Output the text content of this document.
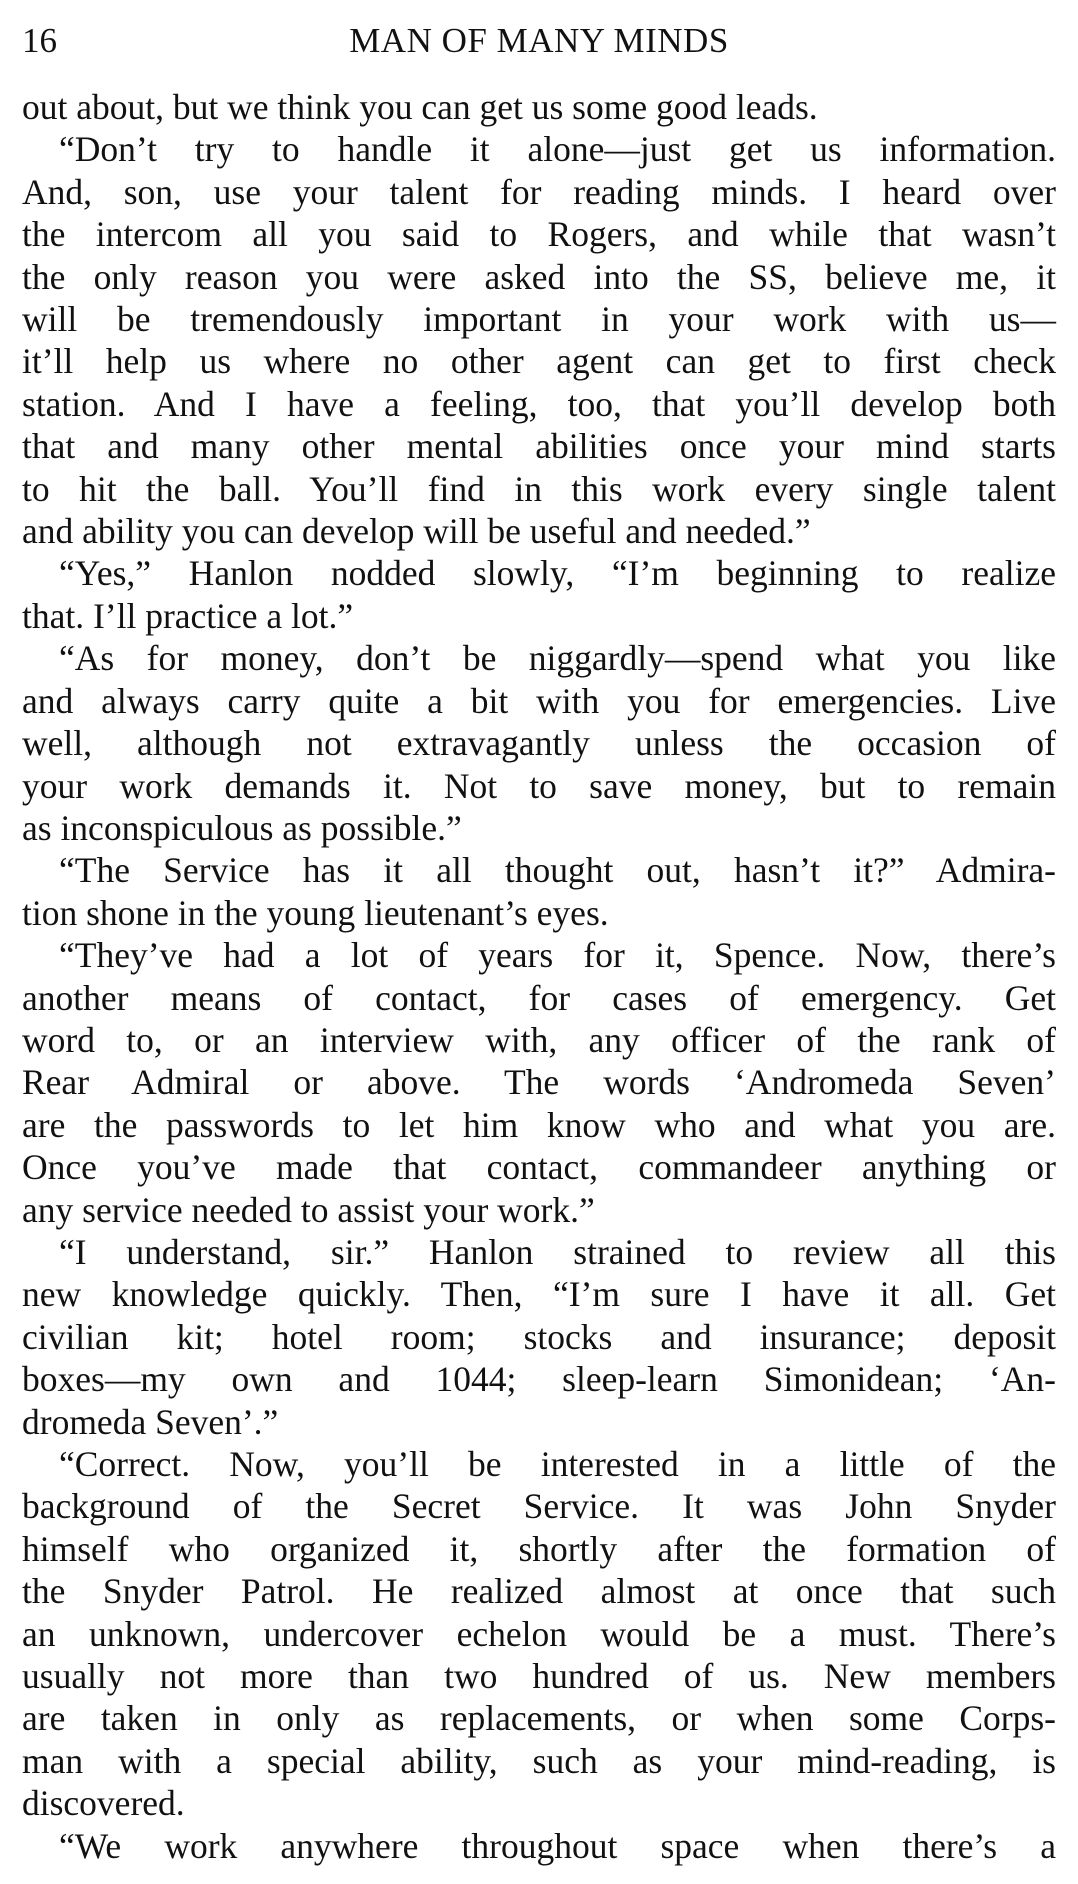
16	MAN OF MANY MINDS
out about, but we think you can get us some good leads.
“Don’t try to handle it alone—just get us information.
And, son, use your talent for reading minds. I heard over
the intercom all you said to Rogers, and while that wasn’t
the only reason you were asked into the SS, believe me, it
will be tremendously important in your work with us—
it’ll help us where no other agent can get to first check
station. And I have a feeling, too, that you’ll develop both
that and many other mental abilities once your mind starts
to hit the ball. You’ll find in this work every single talent
and ability you can develop will be useful and needed.”
“Yes,” Hanlon nodded slowly, “I’m beginning to realize
that. I’ll practice a lot.”
“As for money, don’t be niggardly—spend what you like
and always carry quite a bit with you for emergencies. Live
well, although not extravagantly unless the occasion of
your work demands it. Not to save money, but to remain
as inconspiculous as possible.”
“The Service has it all thought out, hasn’t it?” Admira-
tion shone in the young lieutenant’s eyes.
“They’ve had a lot of years for it, Spence. Now, there’s
another means of contact, for cases of emergency. Get
word to, or an interview with, any officer of the rank of
Rear Admiral or above. The words ‘Andromeda Seven’
are the passwords to let him know who and what you are.
Once you’ve made that contact, commandeer anything or
any service needed to assist your work.”
“I understand, sir.” Hanlon strained to review all this
new knowledge quickly. Then, “I’m sure I have it all. Get
civilian kit; hotel room; stocks and insurance; deposit
boxes—my own and 1044; sleep-learn Simonidean; ‘An-
dromeda Seven’.”
“Correct. Now, you’ll be interested in a little of the
background of the Secret Service. It was John Snyder
himself who organized it, shortly after the formation of
the Snyder Patrol. He realized almost at once that such
an unknown, undercover echelon would be a must. There’s
usually not more than two hundred of us. New members
are taken in only as replacements, or when some Corps-
man with a special ability, such as your mind-reading, is
discovered.
“We work anywhere throughout space when there’s a
